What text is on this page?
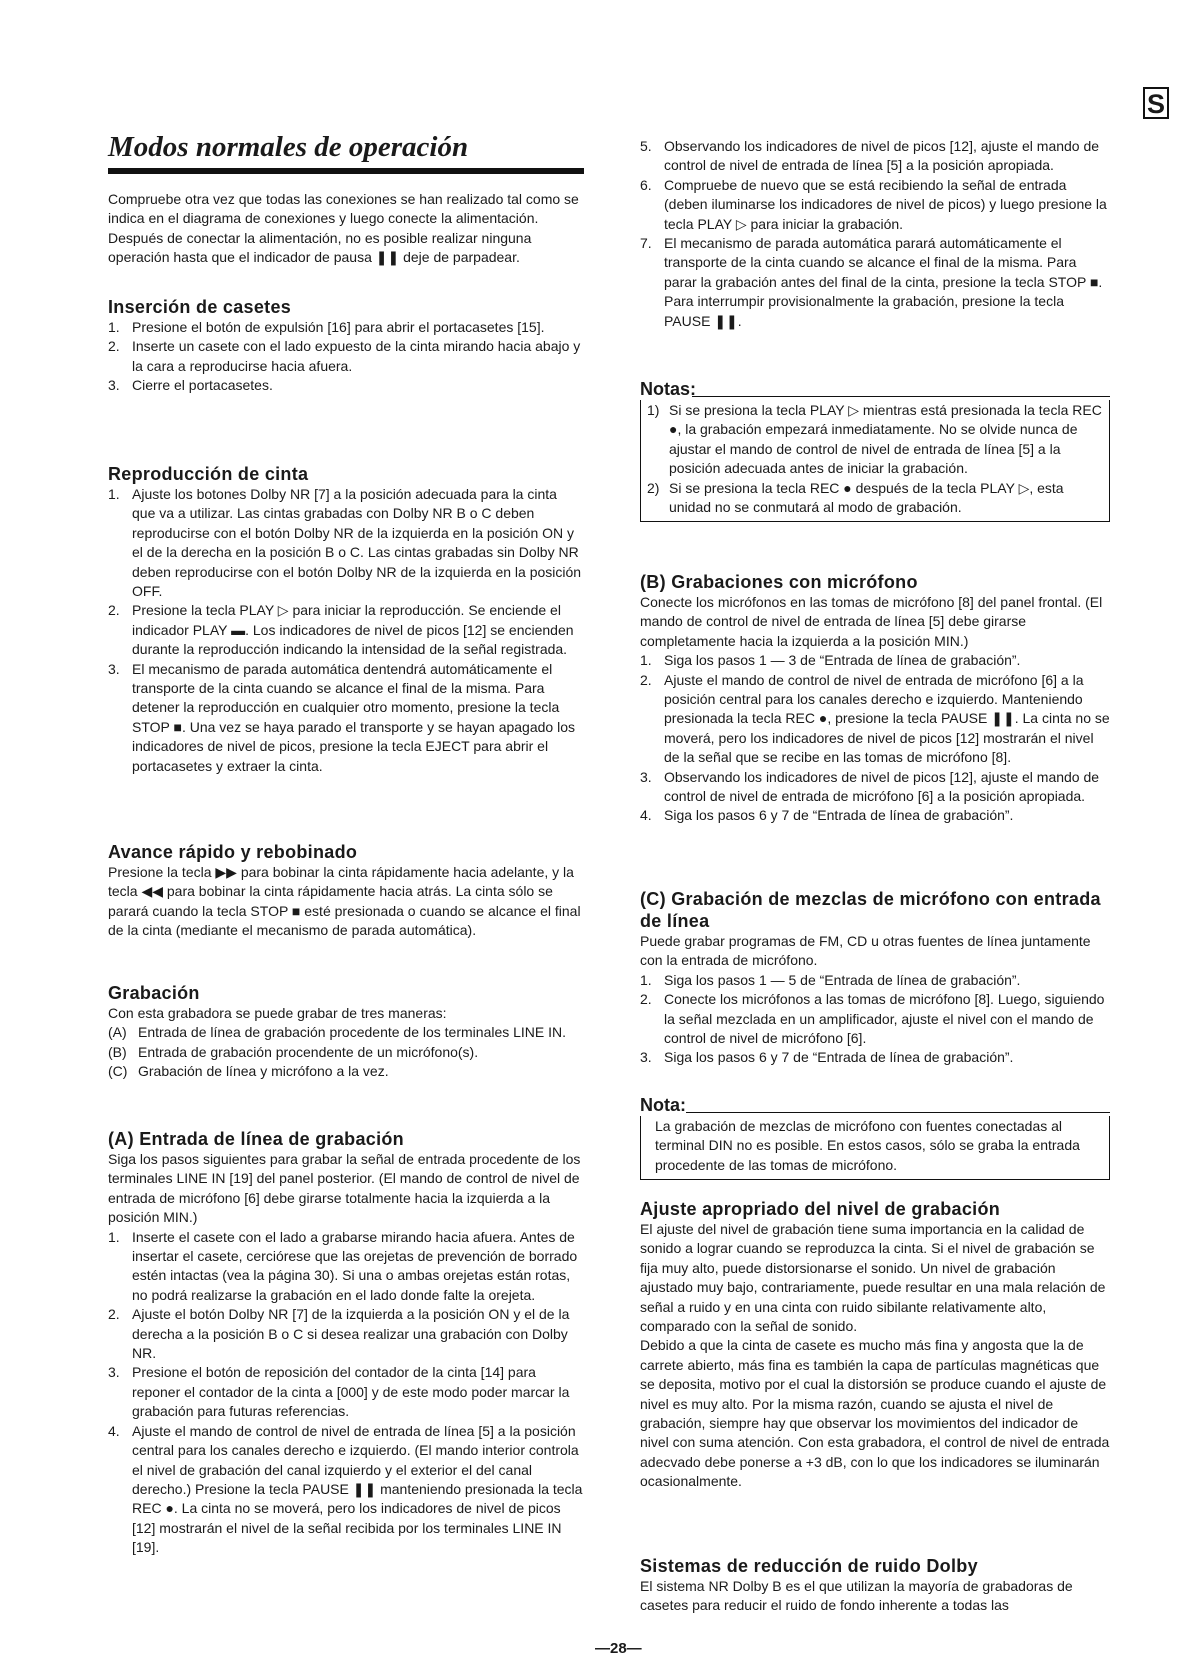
S
Modos normales de operación

Compruebe otra vez que todas las conexiones se han realizado tal como se indica en el diagrama de conexiones y luego conecte la alimentación. Después de conectar la alimentación, no es posible realizar ninguna operación hasta que el indicador de pausa ❚❚ deje de parpadear.

Inserción de casetes
1. Presione el botón de expulsión [16] para abrir el portacasetes [15].
2. Inserte un casete con el lado expuesto de la cinta mirando hacia abajo y la cara a reproducirse hacia afuera.
3. Cierre el portacasetes.
Reproducción de cinta
1. Ajuste los botones Dolby NR [7] a la posición adecuada para la cinta que va a utilizar. Las cintas grabadas con Dolby NR B o C deben reproducirse con el botón Dolby NR de la izquierda en la posición ON y el de la derecha en la posición B o C. Las cintas grabadas sin Dolby NR deben reproducirse con el botón Dolby NR de la izquierda en la posición OFF.
2. Presione la tecla PLAY ▷ para iniciar la reproducción. Se enciende el indicador PLAY ▬. Los indicadores de nivel de picos [12] se encienden durante la reproducción indicando la intensidad de la señal registrada.
3. El mecanismo de parada automática dentendrá automáticamente el transporte de la cinta cuando se alcance el final de la misma. Para detener la reproducción en cualquier otro momento, presione la tecla STOP ■. Una vez se haya parado el transporte y se hayan apagado los indicadores de nivel de picos, presione la tecla EJECT para abrir el portacasetes y extraer la cinta.
Avance rápido y rebobinado

Presione la tecla ▶▶ para bobinar la cinta rápidamente hacia adelante, y la tecla ◀◀ para bobinar la cinta rápidamente hacia atrás. La cinta sólo se parará cuando la tecla STOP ■ esté presionada o cuando se alcance el final de la cinta (mediante el mecanismo de parada automática).

Grabación

Con esta grabadora se puede grabar de tres maneras:

(A) Entrada de línea de grabación procedente de los terminales LINE IN.
(B) Entrada de grabación procendente de un micrófono(s).
(C) Grabación de línea y micrófono a la vez.
(A) Entrada de línea de grabación

Siga los pasos siguientes para grabar la señal de entrada procedente de los terminales LINE IN [19] del panel posterior. (El mando de control de nivel de entrada de micrófono [6] debe girarse totalmente hacia la izquierda a la posición MIN.)

1. Inserte el casete con el lado a grabarse mirando hacia afuera. Antes de insertar el casete, cerciórese que las orejetas de prevención de borrado estén intactas (vea la página 30). Si una o ambas orejetas están rotas, no podrá realizarse la grabación en el lado donde falte la orejeta.
2. Ajuste el botón Dolby NR [7] de la izquierda a la posición ON y el de la derecha a la posición B o C si desea realizar una grabación con Dolby NR.
3. Presione el botón de reposición del contador de la cinta [14] para reponer el contador de la cinta a [000] y de este modo poder marcar la grabación para futuras referencias.
4. Ajuste el mando de control de nivel de entrada de línea [5] a la posición central para los canales derecho e izquierdo. (El mando interior controla el nivel de grabación del canal izquierdo y el exterior el del canal derecho.) Presione la tecla PAUSE ❚❚ manteniendo presionada la tecla REC ●. La cinta no se moverá, pero los indicadores de nivel de picos [12] mostrarán el nivel de la señal recibida por los terminales LINE IN [19].
5. Observando los indicadores de nivel de picos [12], ajuste el mando de control de nivel de entrada de línea [5] a la posición apropiada.
6. Compruebe de nuevo que se está recibiendo la señal de entrada (deben iluminarse los indicadores de nivel de picos) y luego presione la tecla PLAY ▷ para iniciar la grabación.
7. El mecanismo de parada automática parará automáticamente el transporte de la cinta cuando se alcance el final de la misma. Para parar la grabación antes del final de la cinta, presione la tecla STOP ■. Para interrumpir provisionalmente la grabación, presione la tecla PAUSE ❚❚.
Notas:
1) Si se presiona la tecla PLAY ▷ mientras está presionada la tecla REC ●, la grabación empezará inmediatamente. No se olvide nunca de ajustar el mando de control de nivel de entrada de línea [5] a la posición adecuada antes de iniciar la grabación.
2) Si se presiona la tecla REC ● después de la tecla PLAY ▷, esta unidad no se conmutará al modo de grabación.
(B) Grabaciones con micrófono

Conecte los micrófonos en las tomas de micrófono [8] del panel frontal. (El mando de control de nivel de entrada de línea [5] debe girarse completamente hacia la izquierda a la posición MIN.)

1. Siga los pasos 1 — 3 de “Entrada de línea de grabación”.
2. Ajuste el mando de control de nivel de entrada de micrófono [6] a la posición central para los canales derecho e izquierdo. Manteniendo presionada la tecla REC ●, presione la tecla PAUSE ❚❚. La cinta no se moverá, pero los indicadores de nivel de picos [12] mostrarán el nivel de la señal que se recibe en las tomas de micrófono [8].
3. Observando los indicadores de nivel de picos [12], ajuste el mando de control de nivel de entrada de micrófono [6] a la posición apropiada.
4. Siga los pasos 6 y 7 de “Entrada de línea de grabación”.
(C) Grabación de mezclas de micrófono con entrada de línea

Puede grabar programas de FM, CD u otras fuentes de línea juntamente con la entrada de micrófono.

1. Siga los pasos 1 — 5 de “Entrada de línea de grabación”.
2. Conecte los micrófonos a las tomas de micrófono [8]. Luego, siguiendo la señal mezclada en un amplificador, ajuste el nivel con el mando de control de nivel de micrófono [6].
3. Siga los pasos 6 y 7 de “Entrada de línea de grabación”.
Nota:

La grabación de mezclas de micrófono con fuentes conectadas al terminal DIN no es posible. En estos casos, sólo se graba la entrada procedente de las tomas de micrófono.

Ajuste apropriado del nivel de grabación

El ajuste del nivel de grabación tiene suma importancia en la calidad de sonido a lograr cuando se reproduzca la cinta. Si el nivel de grabación se fija muy alto, puede distorsionarse el sonido. Un nivel de grabación ajustado muy bajo, contrariamente, puede resultar en una mala relación de señal a ruido y en una cinta con ruido sibilante relativamente alto, comparado con la señal de sonido.

Debido a que la cinta de casete es mucho más fina y angosta que la de carrete abierto, más fina es también la capa de partículas magnéticas que se deposita, motivo por el cual la distorsión se produce cuando el ajuste de nivel es muy alto. Por la misma razón, cuando se ajusta el nivel de grabación, siempre hay que observar los movimientos del indicador de nivel con suma atención. Con esta grabadora, el control de nivel de entrada adecvado debe ponerse a +3 dB, con lo que los indicadores se iluminarán ocasionalmente.

Sistemas de reducción de ruido Dolby

El sistema NR Dolby B es el que utilizan la mayoría de grabadoras de casetes para reducir el ruido de fondo inherente a todas las

—28—
